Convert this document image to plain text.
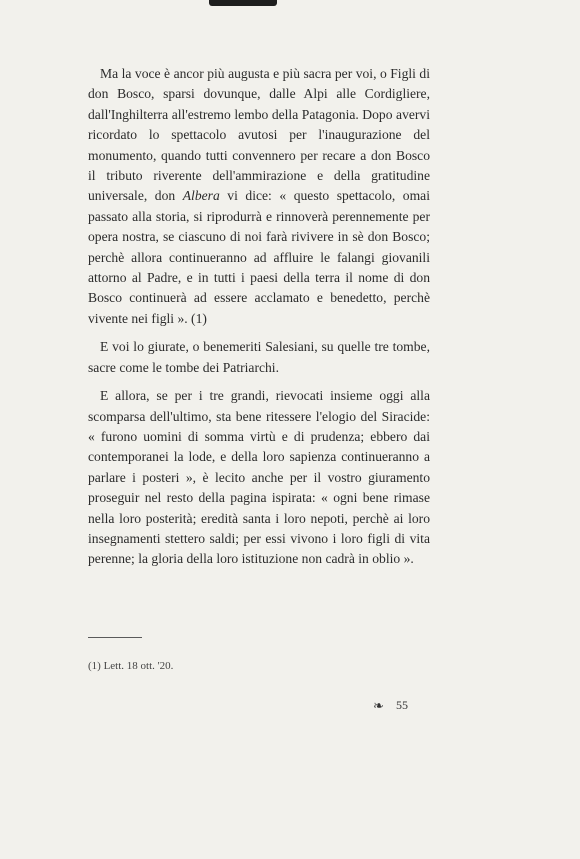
Ma la voce è ancor più augusta e più sacra per voi, o Figli di don Bosco, sparsi dovunque, dalle Alpi alle Cordigliere, dall'Inghilterra all'estremo lembo della Patagonia. Dopo avervi ricordato lo spettacolo avutosi per l'inaugurazione del monumento, quando tutti convennero per recare a don Bosco il tributo riverente dell'ammirazione e della gratitudine universale, don Albera vi dice: « questo spettacolo, omai passato alla storia, si riprodurrà e rinnoverà perennemente per opera nostra, se ciascuno di noi farà rivivere in sè don Bosco; perchè allora continueranno ad affluire le falangi giovanili attorno al Padre, e in tutti i paesi della terra il nome di don Bosco continuerà ad essere acclamato e benedetto, perchè vivente nei figli ». (1)

E voi lo giurate, o benemeriti Salesiani, su quelle tre tombe, sacre come le tombe dei Patriarchi.

E allora, se per i tre grandi, rievocati insieme oggi alla scomparsa dell'ultimo, sta bene ritessere l'elogio del Siracide: « furono uomini di somma virtù e di prudenza; ebbero dai contemporanei la lode, e della loro sapienza continueranno a parlare i posteri », è lecito anche per il vostro giuramento proseguir nel resto della pagina ispirata: « ogni bene rimase nella loro posterità; eredità santa i loro nepoti, perchè ai loro insegnamenti stettero saldi; per essi vivono i loro figli di vita perenne; la gloria della loro istituzione non cadrà in oblio ».

(1) Lett. 18 ott. '20.
❧ 55
